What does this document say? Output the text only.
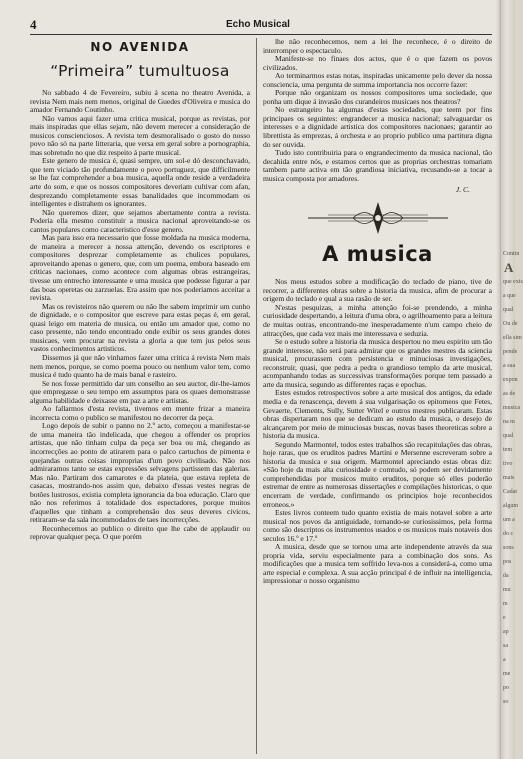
4	Echo Musical
NO AVENIDA
“Primeira” tumultuosa

No sabbado 4 de Fevereiro, subiu á scena no theatro Avenida, a revista Nem mais nem menos, original de Guedes d'Oliveira e musica do amador Fernando Coutinho.

Não vamos aqui fazer uma critica musical, porque as revistas, por mais inspiradas que ellas sejam, não devem merecer a consideração de musicos conscienciosos. A revista tem desmoralisado o gosto do nosso povo não só na parte litteraria, que versa em geral sobre a pornographia, mas sobretudo no que diz respeito á parte musical.

Este genero de musica é, quasi sempre, um sol-e dó desconchavado, que tem viciado tão profundamente o povo portuguez, que difficilmente se lhe faz comprehender a boa musica, aquella onde reside a verdadeira arte do som, e que os nossos compositores deveriam cultivar com afan, desprezando completamente essas banalidades que incommodam os intelligentes e distrahem os ignorantes.

Não queremos dizer, que sejamos abertamente contra a revista. Poderia ella mesmo constituir a musica nacional aproveitando-se os cantos populares como caracteristico d'esse genero.

Mas para isso era necessario que fosse moldada na musica moderna, de maneira a merecer a nossa attenção, devendo os escriptores e compositores desprezar completamente as chulices populares, aproveitando apenas o genero, que, com um poema, embora baseado em criticas nacionaes, como acontece com algumas obras estrangeiras, tivesse um entrecho interessante e uma musica que podesse figurar a par das boas operetas ou zarzuelas. Era assim que nos poderiamos acceitar a revista.

Mas os revisteiros não querem ou não lhe sabem imprimir um cunho de dignidade, e o compositor que escreve para estas peças é, em geral, quasi leigo em materia de musica, ou então um amador que, como no caso presente, não tendo encontrado onde exibir os seus grandes dotes musicaes, vem procurar na revista a gloria a que tem jus pelos seus vastos conhecimentos artisticos.

Dissemos já que não vinhamos fazer uma critica á revista Nem mais nem menos, porque, se como poema pouco ou nenhum valor tem, como musica é tudo quanto ha de mais banal e rasteiro.

Se nos fosse permittido dar um conselho ao seu auctor, dir-lhe-iamos que empregasse o seu tempo em assumptos para os quaes demonstrasse alguma habilidade e deixasse em paz a arte e artistas.

Ao fallarmos d'esta revista, tivemos em mente frizar a maneira incorrecta como o publico se manifestou no decorrer da peça.

Logo depois de subir o panno no 2.º acto, começou a manifestar-se de uma maneira tão indelicada, que chegou a offender os proprios artistas, que não tinham culpa da peça ser boa ou má, chegando as incorrecções ao ponto de atirarem para o palco cartuchos de pimenta e quejandas outras coisas improprias d'um povo civilisado. Não nos admiraramos tanto se estas expressões selvagens partissem das galerias. Mas não. Partiram dos camarotes e da plateia, que estava repleta de casacas, mostrando-nos assim que, debaixo d'essas vestes negras de botões lustrosos, existia completa ignorancia da boa educação. Claro que não nos referimos á totalidade dos espectadores, porque muitos d'aquelles que tinham a comprehensão dos seus deveres civicos, retiraram-se da sala incommodados de taes incorrecções.

Reconhecemos ao publico o direito que lhe cabe de applaudir ou reprovar qualquer peça. O que porém

lhe não reconhecemos, nem a lei lhe reconhece, é o direito de interromper o espectaculo.

Manifeste-se no finaes dos actos, que é o que fazem os povos civilizados.

Ao terminarmos estas notas, inspiradas unicamente pelo dever da nossa consciencia, uma pergunta de summa importancia nos occorre fazer:

Porque não organizam os nossos compositores uma sociedade, que ponha um dique á invasão dos curandeiros musicaes nos theatros?

No estrangeiro ha algumas d'estas sociedades, que teem por fins principaes os seguintes: engrandecer a musica nacional; salvaguardar os interesses e a dignidade artistica dos compositores nacionaes; garantir ao librettista às emprezas, á orchesta e ao proprio publico uma partitura digna do ser ouvida.

Tudo isto contribuiria para o engrandecimento da musica nacional, tão decahida entre nós, e estamos certos que as proprias orchestras tomariam tambem parte activa em tão grandiosa iniciativa, recusando-se a tocar a musica composta por amadores.

J. C.
A musica

Nos meus estudos sobre a modificação do teclado de piano, tive de recorrer, a differentes obras sobre a historia da musica, afim de procurar a origem do teclado e qual a sua rasão de ser.

N'estas pesquizas, a minha attenção foi-se prendendo, a minha curiosidade despertando, a leitura d'uma obra, o agrilhoamento para a leitura de muitas outras, encontrando-me inesperadamente n'um campo cheio de attracções, que cada vez mais me interessava e seduzia.

Se o estudo sobre a historia da musica despertou no meu espirito um tão grande interesse, não será para admirar que os grandes mestres da sciencia musical, procurassem com persistencia e minuciosas investigações, reconstruir, quasi, que pedra a pedra o grandioso templo da arte musical, acompanhando todas as successivas transformações porque tem passado a arte da musica, segundo as differentes raças e epochas.

Estes estudos retrospectivos sobre a arte musical dos antigos, da edade media e da renascença, devem á sua vulgarisação os epitomeos que Fetes, Gevaerte, Clements, Sully, Sutter Witel e outros mestres publicaram. Estas obras dispertaram nos que se dedicam ao estudo da musica, o desejo de alcançarem por meio de minuciosas buscas, novas bases theoreticas sobre a historia da musica.

Segundo Marmontel, todos estes trabalhos são recapitulações das obras, hoje raras, que os eruditos padres Martini e Mersenne escreveram sobre a historia da musica e sua origem. Marmontel apreciando estas obras diz: «São hoje da mais alta curiosidade e comtudo, só podem ser devidamente comprehendidas por musicos muito eruditos, porque só elles poderão estremar de entre as numerosas dissertações e compilações historicas, o que encerram de verdade, confirmando os principios hoje reconhecidos erroneos.»

Estes livros conteem tudo quanto existia de mais notavel sobre a arte musical nos povos da antiguidade, tornando-se curiosissimos, pela forma como são descriptos os instrumentos usados e os musicos mais notaveis dos seculos 16.º e 17.º

A musica, desde que se tornou uma arte independente através da sua propria vida, serviu especialmente para a combinação dos sons. As modificações que a musica tem soffrido leva-nos a considerá-a, como uma arte especial e complexa. A sua acção principal é de influir na intelligencia, impressionar o nosso organismo

Contin
A
que exis
a que
qual
Ou de
ella sim
pende
a sua
expon
as de
musica
na m
qual
tem
tivo
mais
Cadat
algum
um a
do c
sons
pos
da
mu
m
e
ap
sa
a
me
po
so
